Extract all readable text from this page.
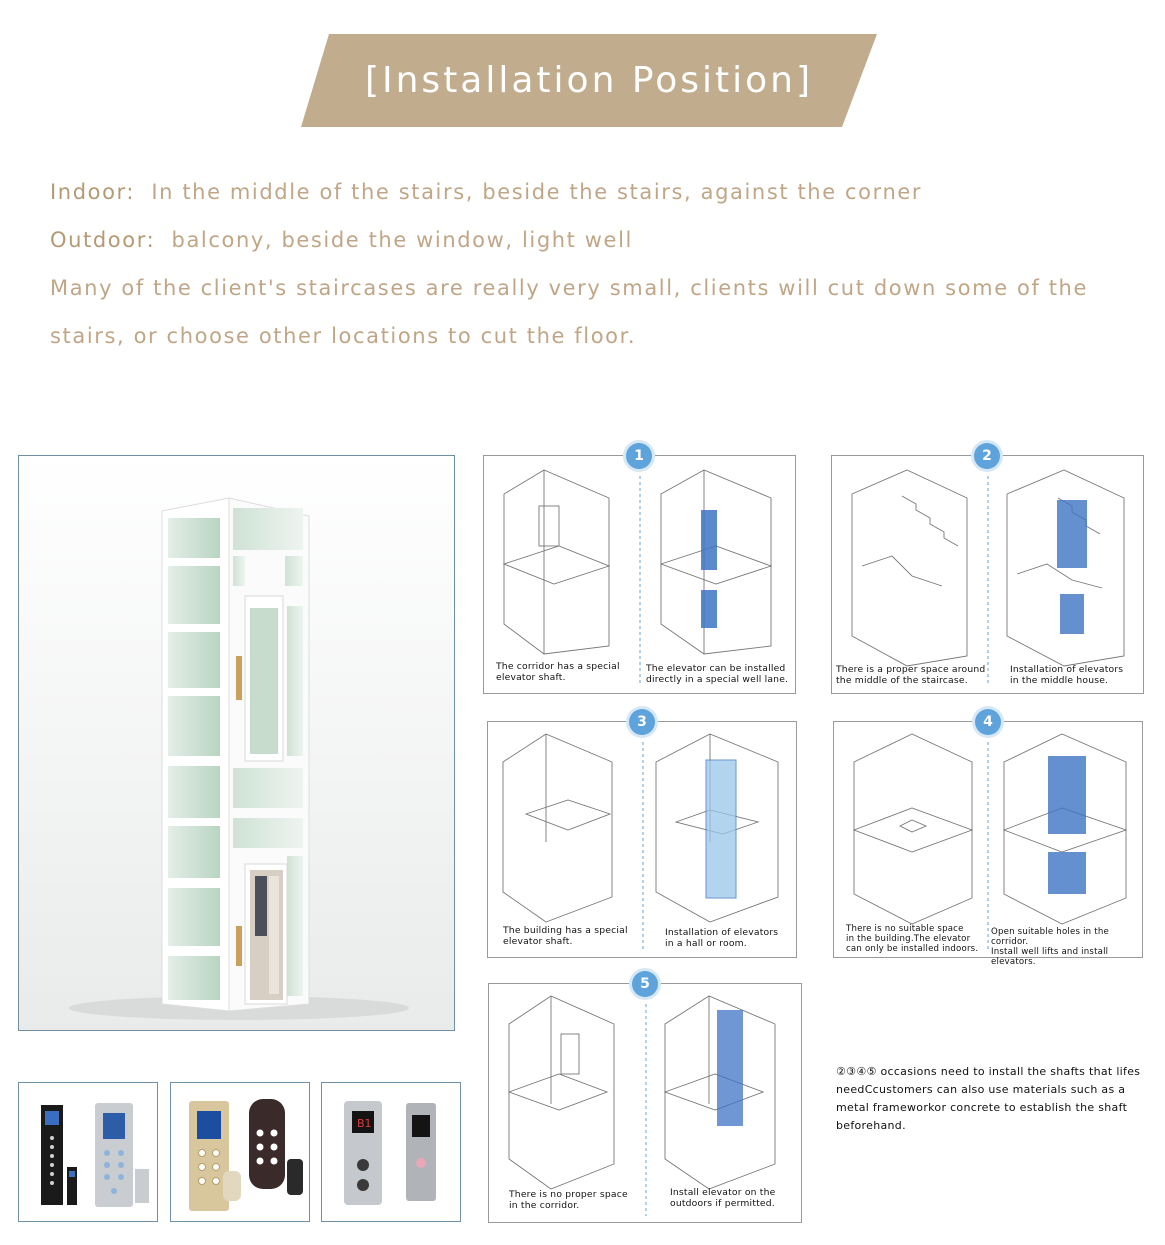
[Installation Position]

Indoor: In the middle of the stairs, beside the stairs, against the corner

Outdoor: balcony, beside the window, light well

Many of the client's staircases are really very small, clients will cut down some of the

stairs, or choose other locations to cut the floor.

B1
1
The corridor has a special
elevator shaft.
The elevator can be installed
directly in a special well lane.
2
There is a proper space around
the middle of the staircase.
Installation of elevators
in the middle house.
3
The building has a special
elevator shaft.
Installation of elevators
in a hall or room.
4
There is no suitable space
in the building.The elevator
can only be installed indoors.
Open suitable holes in the corridor.
Install well lifts and install elevators.
5
There is no proper space
in the corridor.
Install elevator on the
outdoors if permitted.
②③④⑤ occasions need to install the shafts that lifes needCcustomers can also use materials such as a metal frameworkor concrete to establish the shaft beforehand.
